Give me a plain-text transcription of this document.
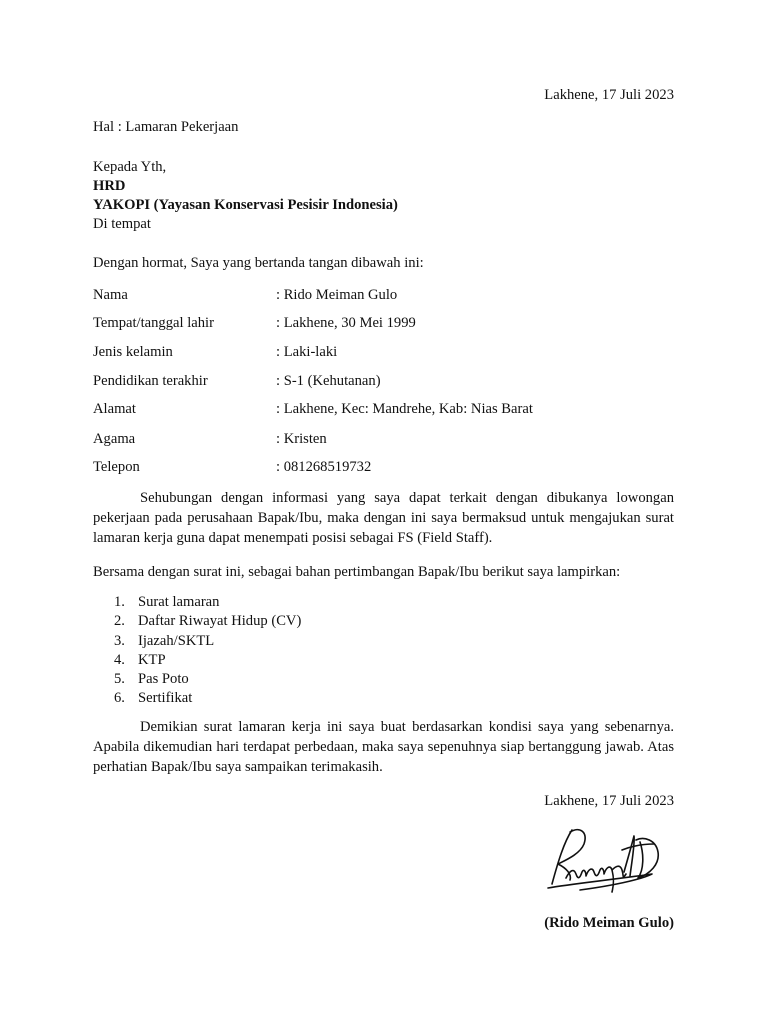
Lakhene, 17 Juli 2023
Hal : Lamaran Pekerjaan
Kepada Yth,
HRD
YAKOPI (Yayasan Konservasi Pesisir Indonesia)
Di tempat
Dengan hormat, Saya yang bertanda tangan dibawah ini:
Nama	: Rido Meiman Gulo
Tempat/tanggal lahir	: Lakhene, 30 Mei 1999
Jenis kelamin	: Laki-laki
Pendidikan terakhir	: S-1 (Kehutanan)
Alamat	: Lakhene, Kec: Mandrehe, Kab: Nias Barat
Agama	: Kristen
Telepon	: 081268519732
Sehubungan dengan informasi yang saya dapat terkait dengan dibukanya lowongan pekerjaan pada perusahaan Bapak/Ibu, maka dengan ini saya bermaksud untuk mengajukan surat lamaran kerja guna dapat menempati posisi sebagai FS (Field Staff).
Bersama dengan surat ini, sebagai bahan pertimbangan Bapak/Ibu berikut saya lampirkan:
1. Surat lamaran
2. Daftar Riwayat Hidup (CV)
3. Ijazah/SKTL
4. KTP
5. Pas Poto
6. Sertifikat
Demikian surat lamaran kerja ini saya buat berdasarkan kondisi saya yang sebenarnya. Apabila dikemudian hari terdapat perbedaan, maka saya sepenuhnya siap bertanggung jawab. Atas perhatian Bapak/Ibu saya sampaikan terimakasih.
Lakhene, 17 Juli 2023
(Rido Meiman Gulo)
